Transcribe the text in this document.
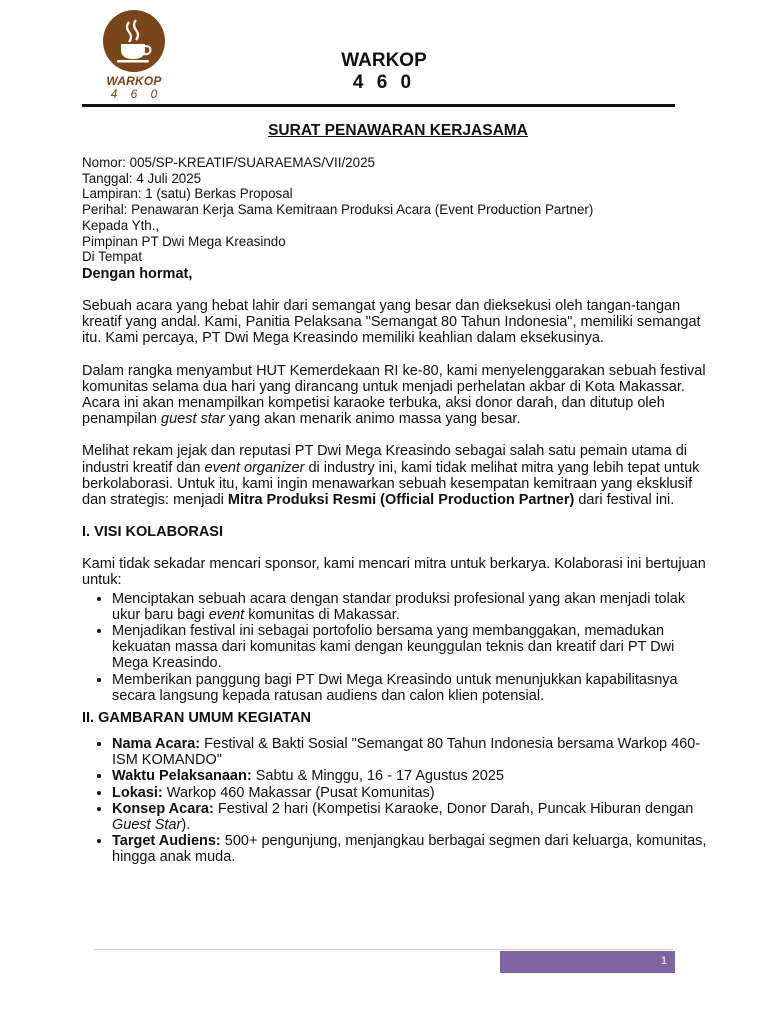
WARKOP
4 6 0
WARKOP
4 6 0
SURAT PENAWARAN KERJASAMA
Nomor: 005/SP-KREATIF/SUARAEMAS/VII/2025
Tanggal: 4 Juli 2025
Lampiran: 1 (satu) Berkas Proposal
Perihal: Penawaran Kerja Sama Kemitraan Produksi Acara (Event Production Partner)
Kepada Yth.,
Pimpinan PT Dwi Mega Kreasindo
Di Tempat
Dengan hormat,

Sebuah acara yang hebat lahir dari semangat yang besar dan dieksekusi oleh tangan-tangan kreatif yang andal. Kami, Panitia Pelaksana "Semangat 80 Tahun Indonesia", memiliki semangat itu. Kami percaya, PT Dwi Mega Kreasindo memiliki keahlian dalam eksekusinya.

Dalam rangka menyambut HUT Kemerdekaan RI ke-80, kami menyelenggarakan sebuah festival komunitas selama dua hari yang dirancang untuk menjadi perhelatan akbar di Kota Makassar. Acara ini akan menampilkan kompetisi karaoke terbuka, aksi donor darah, dan ditutup oleh penampilan guest star yang akan menarik animo massa yang besar.

Melihat rekam jejak dan reputasi PT Dwi Mega Kreasindo sebagai salah satu pemain utama di industri kreatif dan event organizer di industry ini, kami tidak melihat mitra yang lebih tepat untuk berkolaborasi. Untuk itu, kami ingin menawarkan sebuah kesempatan kemitraan yang eksklusif dan strategis: menjadi Mitra Produksi Resmi (Official Production Partner) dari festival ini.

I. VISI KOLABORASI

Kami tidak sekadar mencari sponsor, kami mencari mitra untuk berkarya. Kolaborasi ini bertujuan untuk:

• Menciptakan sebuah acara dengan standar produksi profesional yang akan menjadi tolak ukur baru bagi event komunitas di Makassar.
• Menjadikan festival ini sebagai portofolio bersama yang membanggakan, memadukan kekuatan massa dari komunitas kami dengan keunggulan teknis dan kreatif dari PT Dwi Mega Kreasindo.
• Memberikan panggung bagi PT Dwi Mega Kreasindo untuk menunjukkan kapabilitasnya secara langsung kepada ratusan audiens dan calon klien potensial.
II. GAMBARAN UMUM KEGIATAN
• Nama Acara: Festival & Bakti Sosial "Semangat 80 Tahun Indonesia bersama Warkop 460-ISM KOMANDO"
• Waktu Pelaksanaan: Sabtu & Minggu, 16 - 17 Agustus 2025
• Lokasi: Warkop 460 Makassar (Pusat Komunitas)
• Konsep Acara: Festival 2 hari (Kompetisi Karaoke, Donor Darah, Puncak Hiburan dengan Guest Star).
• Target Audiens: 500+ pengunjung, menjangkau berbagai segmen dari keluarga, komunitas, hingga anak muda.
1
